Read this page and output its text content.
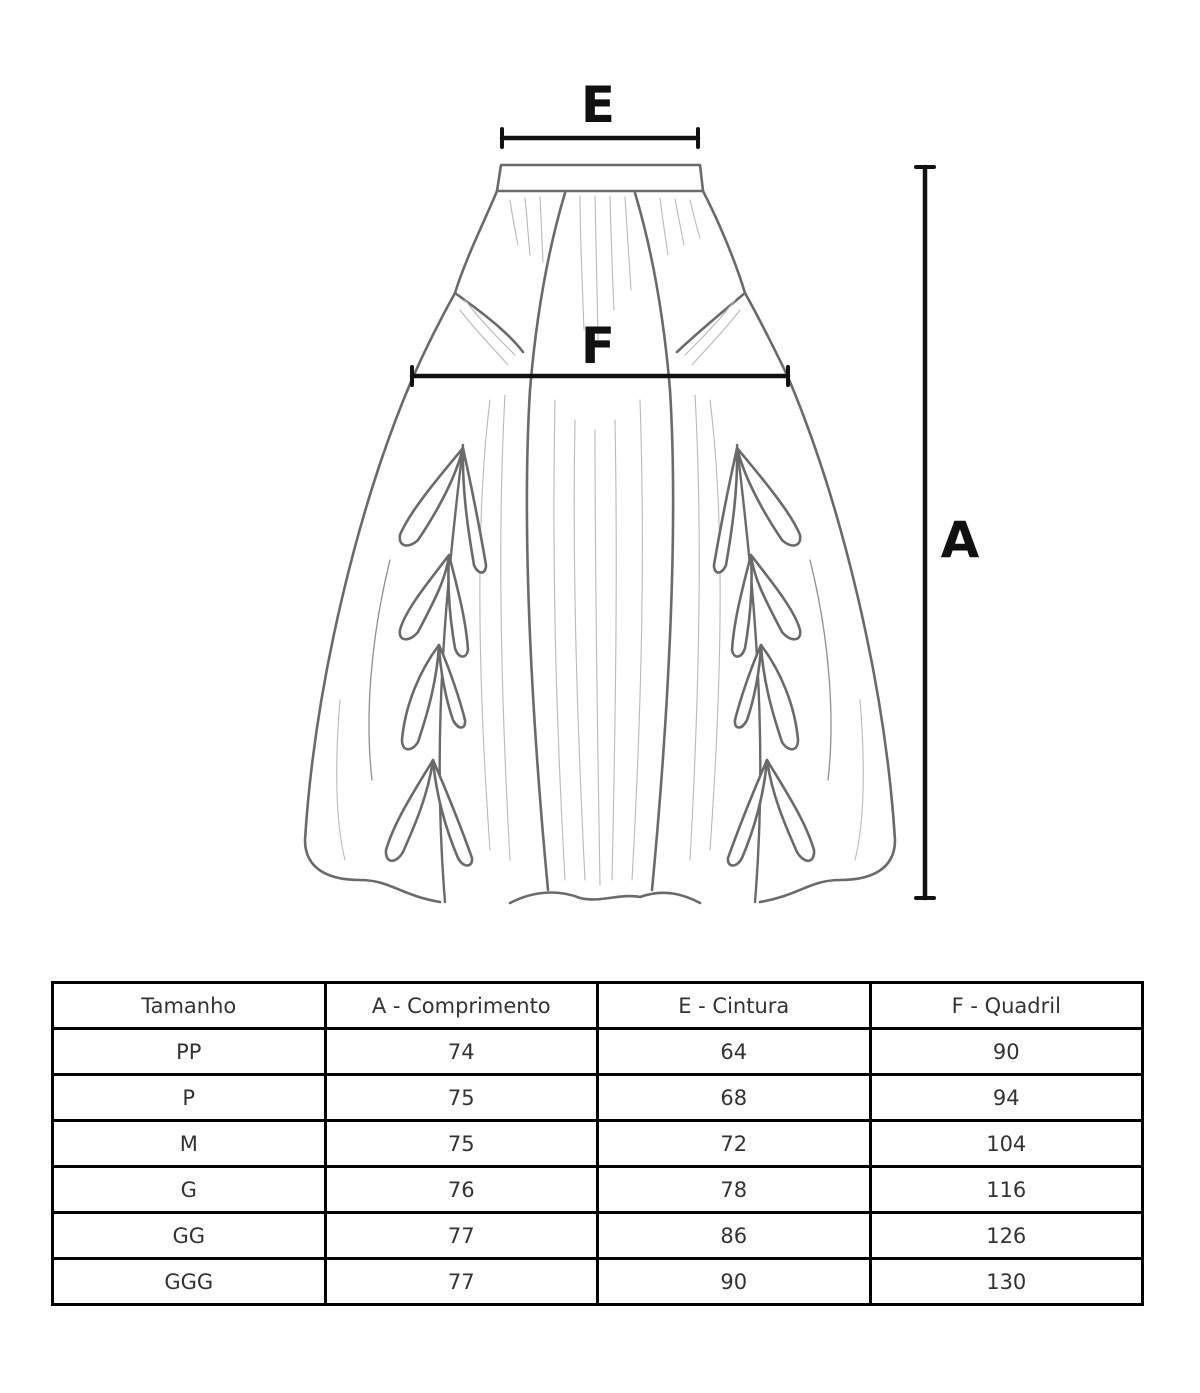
E
F
A
Tamanho	A - Comprimento	E - Cintura	F - Quadril
PP	74	64	90
P	75	68	94
M	75	72	104
G	76	78	116
GG	77	86	126
GGG	77	90	130
